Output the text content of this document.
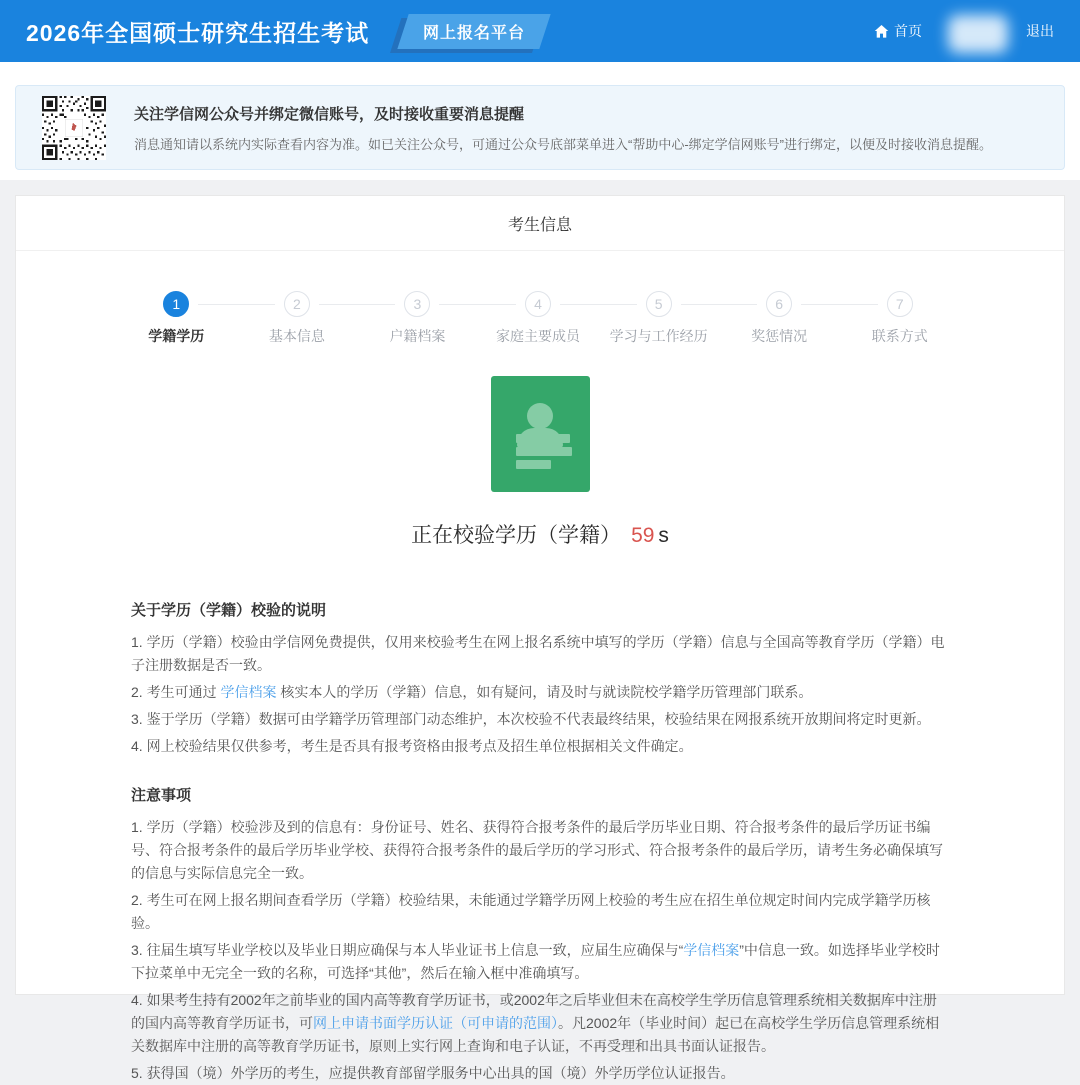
2026年全国硕士研究生招生考试	网上报名平台	首页	退出
关注学信网公众号并绑定微信账号，及时接收重要消息提醒
消息通知请以系统内实际查看内容为准。如已关注公众号，可通过公众号底部菜单进入“帮助中心-绑定学信网账号”进行绑定，以便及时接收消息提醒。
考生信息
1
学籍学历
2
基本信息
3
户籍档案
4
家庭主要成员
5
学习与工作经历
6
奖惩情况
7
联系方式
正在校验学历（学籍） 59 s
关于学历（学籍）校验的说明

1. 学历（学籍）校验由学信网免费提供，仅用来校验考生在网上报名系统中填写的学历（学籍）信息与全国高等教育学历（学籍）电子注册数据是否一致。

2. 考生可通过 学信档案 核实本人的学历（学籍）信息，如有疑问，请及时与就读院校学籍学历管理部门联系。

3. 鉴于学历（学籍）数据可由学籍学历管理部门动态维护，本次校验不代表最终结果，校验结果在网报系统开放期间将定时更新。

4. 网上校验结果仅供参考，考生是否具有报考资格由报考点及招生单位根据相关文件确定。

注意事项

1. 学历（学籍）校验涉及到的信息有：身份证号、姓名、获得符合报考条件的最后学历毕业日期、符合报考条件的最后学历证书编号、符合报考条件的最后学历毕业学校、获得符合报考条件的最后学历的学习形式、符合报考条件的最后学历，请考生务必确保填写的信息与实际信息完全一致。

2. 考生可在网上报名期间查看学历（学籍）校验结果，未能通过学籍学历网上校验的考生应在招生单位规定时间内完成学籍学历核验。

3. 往届生填写毕业学校以及毕业日期应确保与本人毕业证书上信息一致，应届生应确保与“学信档案”中信息一致。如选择毕业学校时下拉菜单中无完全一致的名称，可选择“其他”，然后在输入框中准确填写。

4. 如果考生持有2002年之前毕业的国内高等教育学历证书，或2002年之后毕业但未在高校学生学历信息管理系统相关数据库中注册的国内高等教育学历证书，可网上申请书面学历认证（可申请的范围）。凡2002年（毕业时间）起已在高校学生学历信息管理系统相关数据库中注册的高等教育学历证书，原则上实行网上查询和电子认证，不再受理和出具书面认证报告。

5. 获得国（境）外学历的考生，应提供教育部留学服务中心出具的国（境）外学历学位认证报告。
